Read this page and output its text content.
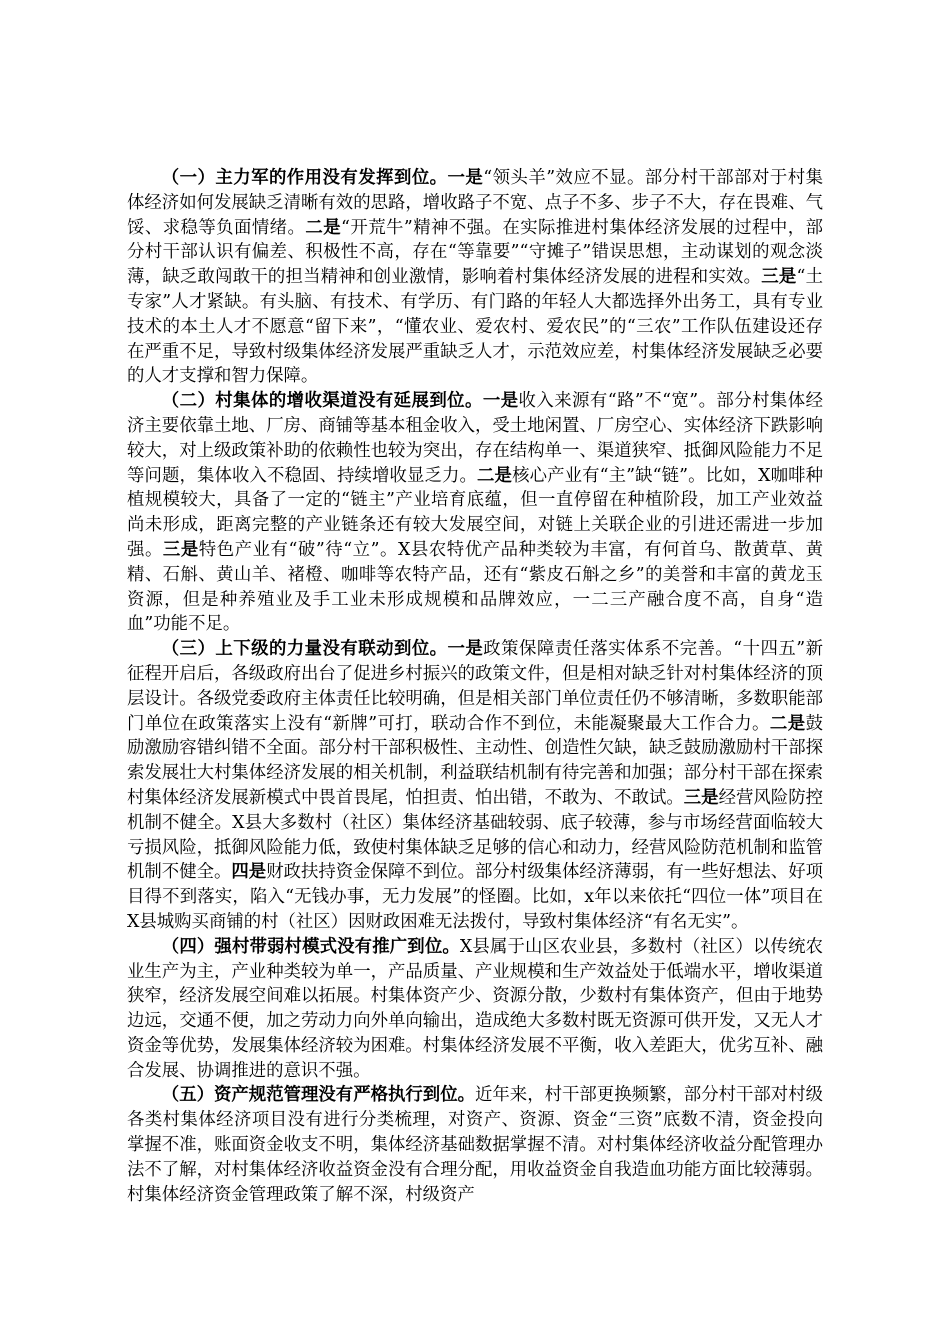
（一）主力军的作用没有发挥到位。一是“领头羊”效应不显。部分村干部部对于村集体经济如何发展缺乏清晰有效的思路，增收路子不宽、点子不多、步子不大，存在畏难、气馁、求稳等负面情绪。二是“开荒牛”精神不强。在实际推进村集体经济发展的过程中，部分村干部认识有偏差、积极性不高，存在“等靠要”“守摊子”错误思想，主动谋划的观念淡薄，缺乏敢闯敢干的担当精神和创业激情，影响着村集体经济发展的进程和实效。三是“土专家”人才紧缺。有头脑、有技术、有学历、有门路的年轻人大都选择外出务工，具有专业技术的本土人才不愿意“留下来”，“懂农业、爱农村、爱农民”的“三农”工作队伍建设还存在严重不足，导致村级集体经济发展严重缺乏人才，示范效应差，村集体经济发展缺乏必要的人才支撑和智力保障。

（二）村集体的增收渠道没有延展到位。一是收入来源有“路”不“宽”。部分村集体经济主要依靠土地、厂房、商铺等基本租金收入，受土地闲置、厂房空心、实体经济下跌影响较大，对上级政策补助的依赖性也较为突出，存在结构单一、渠道狭窄、抵御风险能力不足等问题，集体收入不稳固、持续增收显乏力。二是核心产业有“主”缺“链”。比如，X咖啡种植规模较大，具备了一定的“链主”产业培育底蕴，但一直停留在种植阶段，加工产业效益尚未形成，距离完整的产业链条还有较大发展空间，对链上关联企业的引进还需进一步加强。三是特色产业有“破”待“立”。X县农特优产品种类较为丰富，有何首乌、散黄草、黄精、石斛、黄山羊、褚橙、咖啡等农特产品，还有“紫皮石斛之乡”的美誉和丰富的黄龙玉资源，但是种养殖业及手工业未形成规模和品牌效应，一二三产融合度不高，自身“造血”功能不足。

（三）上下级的力量没有联动到位。一是政策保障责任落实体系不完善。“十四五”新征程开启后，各级政府出台了促进乡村振兴的政策文件，但是相对缺乏针对村集体经济的顶层设计。各级党委政府主体责任比较明确，但是相关部门单位责任仍不够清晰，多数职能部门单位在政策落实上没有“新牌”可打，联动合作不到位，未能凝聚最大工作合力。二是鼓励激励容错纠错不全面。部分村干部积极性、主动性、创造性欠缺，缺乏鼓励激励村干部探索发展壮大村集体经济发展的相关机制，利益联结机制有待完善和加强；部分村干部在探索村集体经济发展新模式中畏首畏尾，怕担责、怕出错，不敢为、不敢试。三是经营风险防控机制不健全。X县大多数村（社区）集体经济基础较弱、底子较薄，参与市场经营面临较大亏损风险，抵御风险能力低，致使村集体缺乏足够的信心和动力，经营风险防范机制和监管机制不健全。四是财政扶持资金保障不到位。部分村级集体经济薄弱，有一些好想法、好项目得不到落实，陷入“无钱办事，无力发展”的怪圈。比如，x年以来依托“四位一体”项目在X县城购买商铺的村（社区）因财政困难无法拨付，导致村集体经济“有名无实”。

（四）强村带弱村模式没有推广到位。X县属于山区农业县，多数村（社区）以传统农业生产为主，产业种类较为单一，产品质量、产业规模和生产效益处于低端水平，增收渠道狭窄，经济发展空间难以拓展。村集体资产少、资源分散，少数村有集体资产，但由于地势边远，交通不便，加之劳动力向外单向输出，造成绝大多数村既无资源可供开发，又无人才资金等优势，发展集体经济较为困难。村集体经济发展不平衡，收入差距大，优劣互补、融合发展、协调推进的意识不强。

（五）资产规范管理没有严格执行到位。近年来，村干部更换频繁，部分村干部对村级各类村集体经济项目没有进行分类梳理，对资产、资源、资金“三资”底数不清，资金投向掌握不准，账面资金收支不明，集体经济基础数据掌握不清。对村集体经济收益分配管理办法不了解，对村集体经济收益资金没有合理分配，用收益资金自我造血功能方面比较薄弱。村集体经济资金管理政策了解不深，村级资产
